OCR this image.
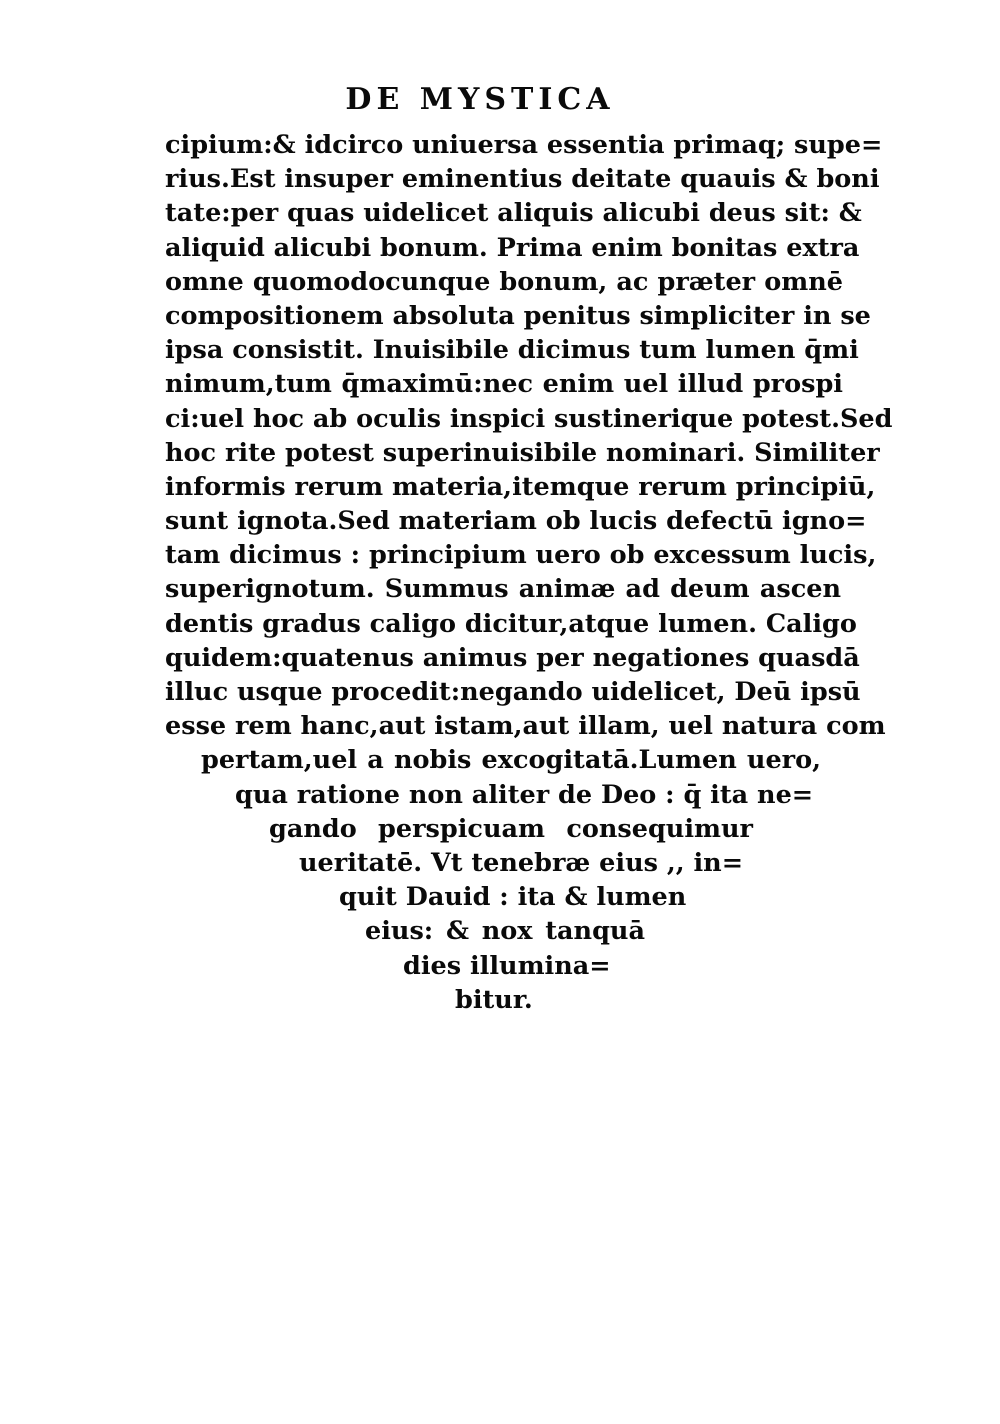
DE MYSTICA
cipium:& idcirco uniuersa essentia primaq; supe=
rius.Est insuper eminentius deitate quauis & boni
tate:per quas uidelicet aliquis alicubi deus sit: &
aliquid alicubi bonum. Prima enim bonitas extra
omne quomodocunque bonum, ac præter omnē
compositionem absoluta penitus simpliciter in se
ipsa consistit. Inuisibile dicimus tum lumen q̄mi
nimum,tum q̄maximū:nec enim uel illud prospi
ci:uel hoc ab oculis inspici sustinerique potest.Sed
hoc rite potest superinuisibile nominari. Similiter
informis rerum materia,itemque rerum principiū,
sunt ignota.Sed materiam ob lucis defectū igno=
tam dicimus : principium uero ob excessum lucis,
superignotum. Summus animæ ad deum ascen
dentis gradus caligo dicitur,atque lumen. Caligo
quidem:quatenus animus per negationes quasdā
illuc usque procedit:negando uidelicet, Deū ipsū
esse rem hanc,aut istam,aut illam, uel natura com
pertam,uel a nobis excogitatā.Lumen uero,
qua ratione non aliter de Deo : q̄ ita ne=
gando perspicuam consequimur
ueritatē. Vt tenebræ eius ,, in=
quit Dauid : ita & lumen
eius: & nox tanquā
dies illumina=
bitur.
